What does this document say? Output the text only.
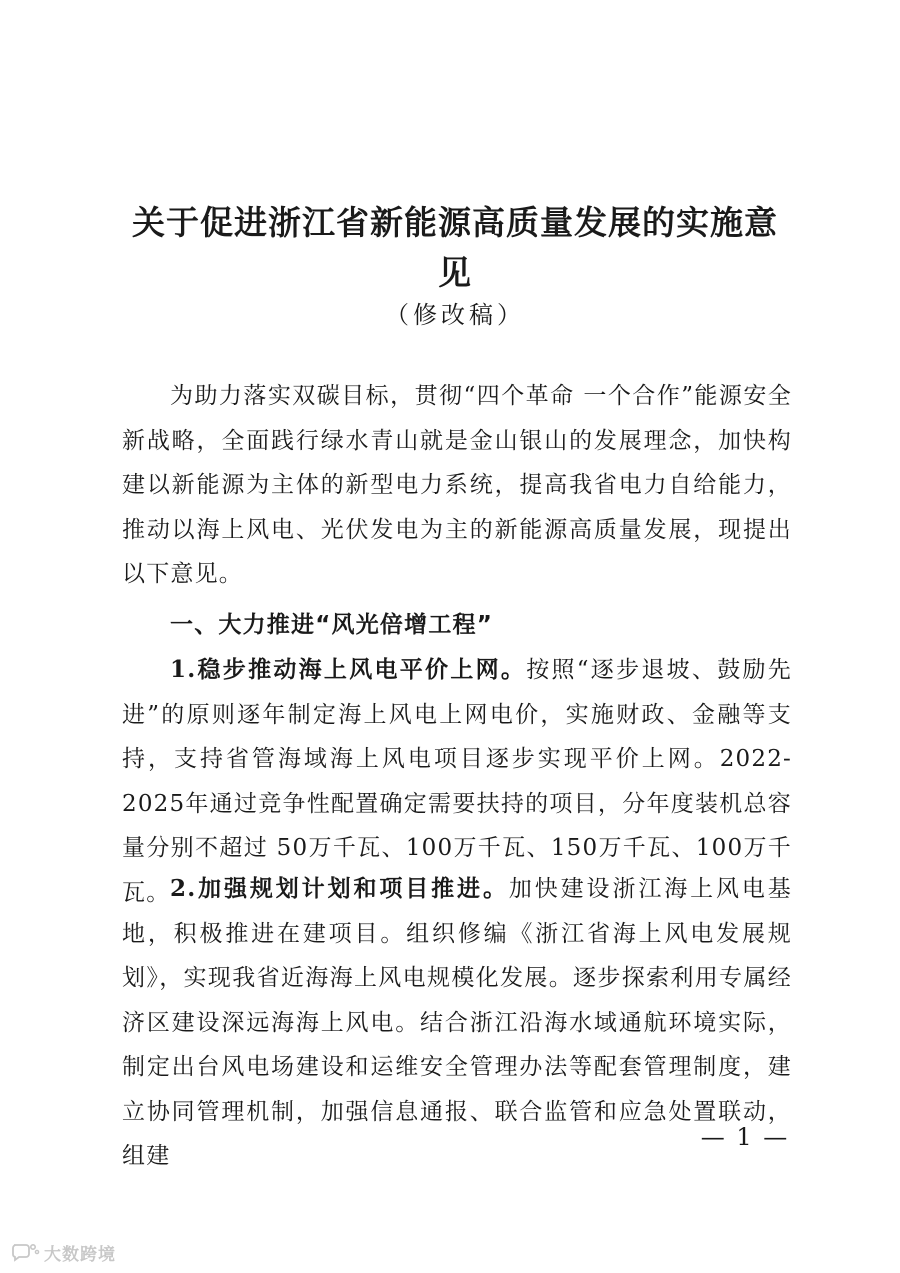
关于促进浙江省新能源高质量发展的实施意见
（修改稿）

为助力落实双碳目标，贯彻“四个革命 一个合作”能源安全新战略，全面践行绿水青山就是金山银山的发展理念，加快构建以新能源为主体的新型电力系统，提高我省电力自给能力，推动以海上风电、光伏发电为主的新能源高质量发展，现提出以下意见。

一、大力推进“风光倍增工程”

1.稳步推动海上风电平价上网。按照“逐步退坡、鼓励先进”的原则逐年制定海上风电上网电价，实施财政、金融等支持，支持省管海域海上风电项目逐步实现平价上网。2022-2025年通过竞争性配置确定需要扶持的项目，分年度装机总容量分别不超过 50万千瓦、100万千瓦、150万千瓦、100万千瓦。 2.加强规划计划和项目推进。加快建设浙江海上风电基地，积极推进在建项目。组织修编《浙江省海上风电发展规划》，实现我省近海海上风电规模化发展。逐步探索利用专属经济区建设深远海海上风电。结合浙江沿海水域通航环境实际，制定出台风电场建设和运维安全管理办法等配套管理制度，建立协同管理机制，加强信息通报、联合监管和应急处置联动，组建

— 1 —
大数跨境
